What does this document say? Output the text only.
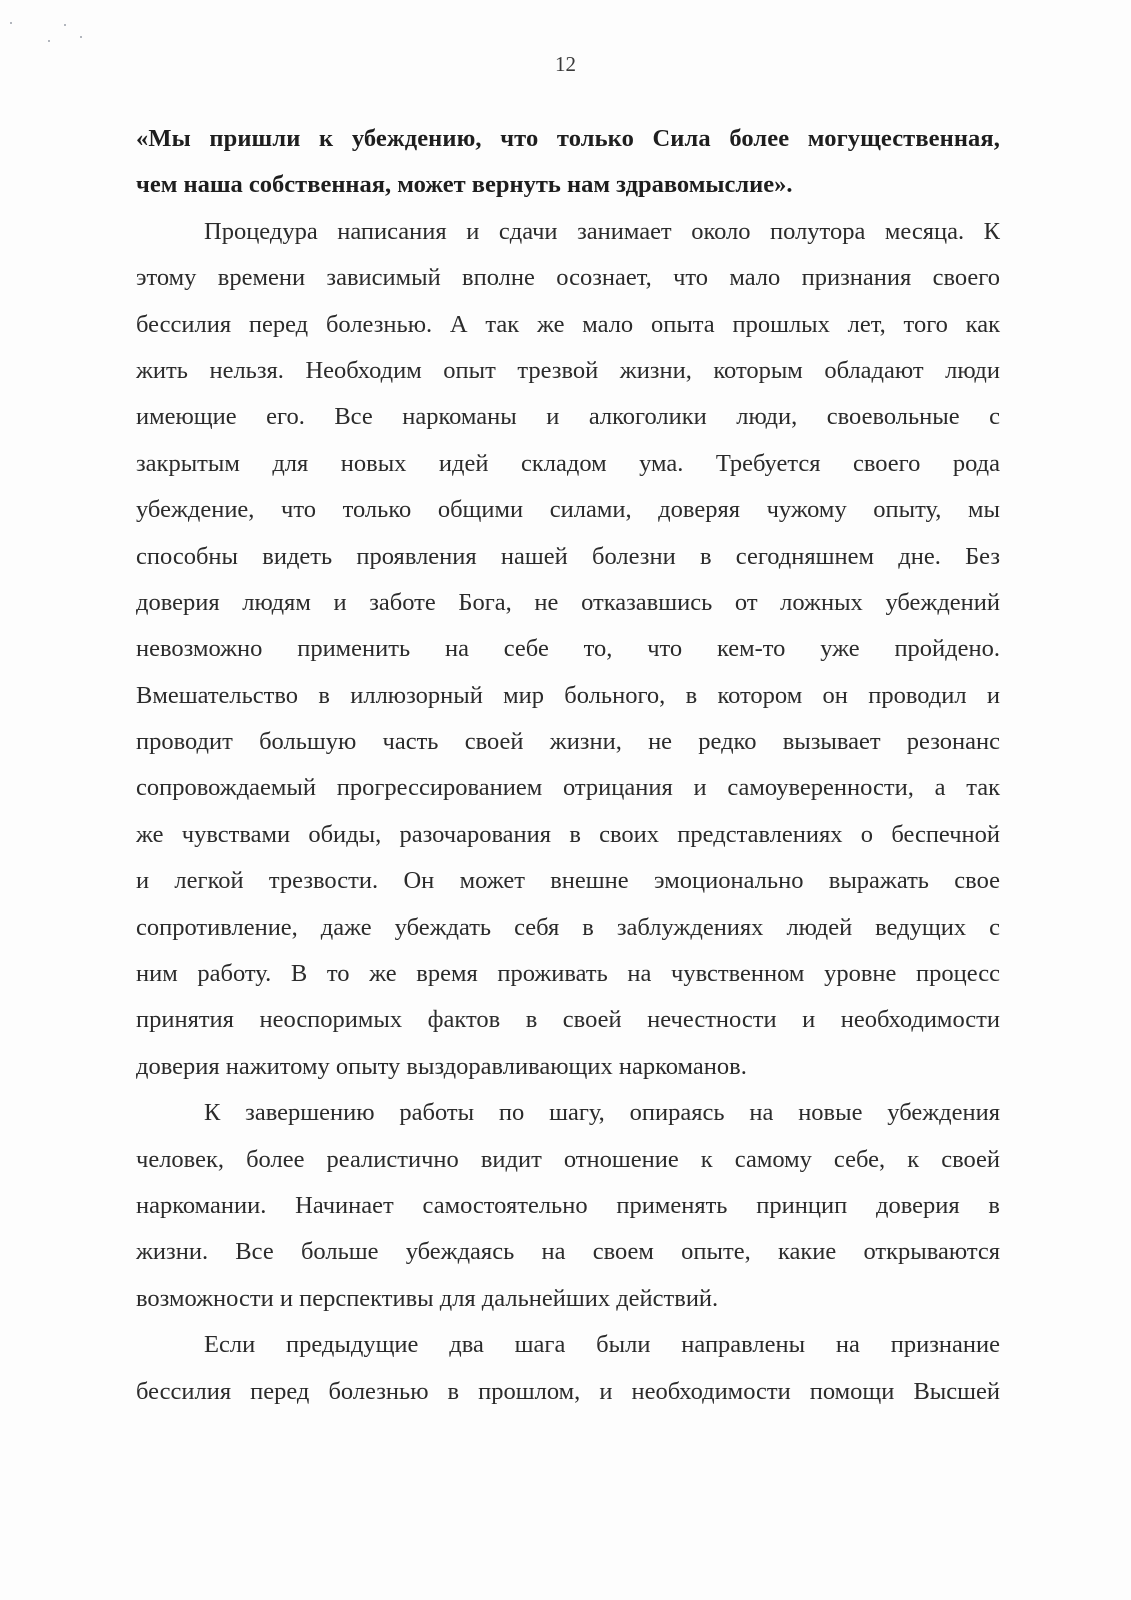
12
«Мы пришли к убеждению, что только Сила более могущественная,
чем наша собственная, может вернуть нам здравомыслие».
Процедура написания и сдачи занимает около полутора месяца. К
этому времени зависимый вполне осознает, что мало признания своего
бессилия перед болезнью. А так же мало опыта прошлых лет, того как
жить нельзя. Необходим опыт трезвой жизни, которым обладают люди
имеющие его. Все наркоманы и алкоголики люди, своевольные с
закрытым для новых идей складом ума. Требуется своего рода
убеждение, что только общими силами, доверяя чужому опыту, мы
способны видеть проявления нашей болезни в сегодняшнем дне. Без
доверия людям и заботе Бога, не отказавшись от ложных убеждений
невозможно применить на себе то, что кем-то уже пройдено.
Вмешательство в иллюзорный мир больного, в котором он проводил и
проводит большую часть своей жизни, не редко вызывает резонанс
сопровождаемый прогрессированием отрицания и самоуверенности, а так
же чувствами обиды, разочарования в своих представлениях о беспечной
и легкой трезвости. Он может внешне эмоционально выражать свое
сопротивление, даже убеждать себя в заблуждениях людей ведущих с
ним работу. В то же время проживать на чувственном уровне процесс
принятия неоспоримых фактов в своей нечестности и необходимости
доверия нажитому опыту выздоравливающих наркоманов.
К завершению работы по шагу, опираясь на новые убеждения
человек, более реалистично видит отношение к самому себе, к своей
наркомании. Начинает самостоятельно применять принцип доверия в
жизни. Все больше убеждаясь на своем опыте, какие открываются
возможности и перспективы для дальнейших действий.
Если предыдущие два шага были направлены на признание
бессилия перед болезнью в прошлом, и необходимости помощи Высшей
